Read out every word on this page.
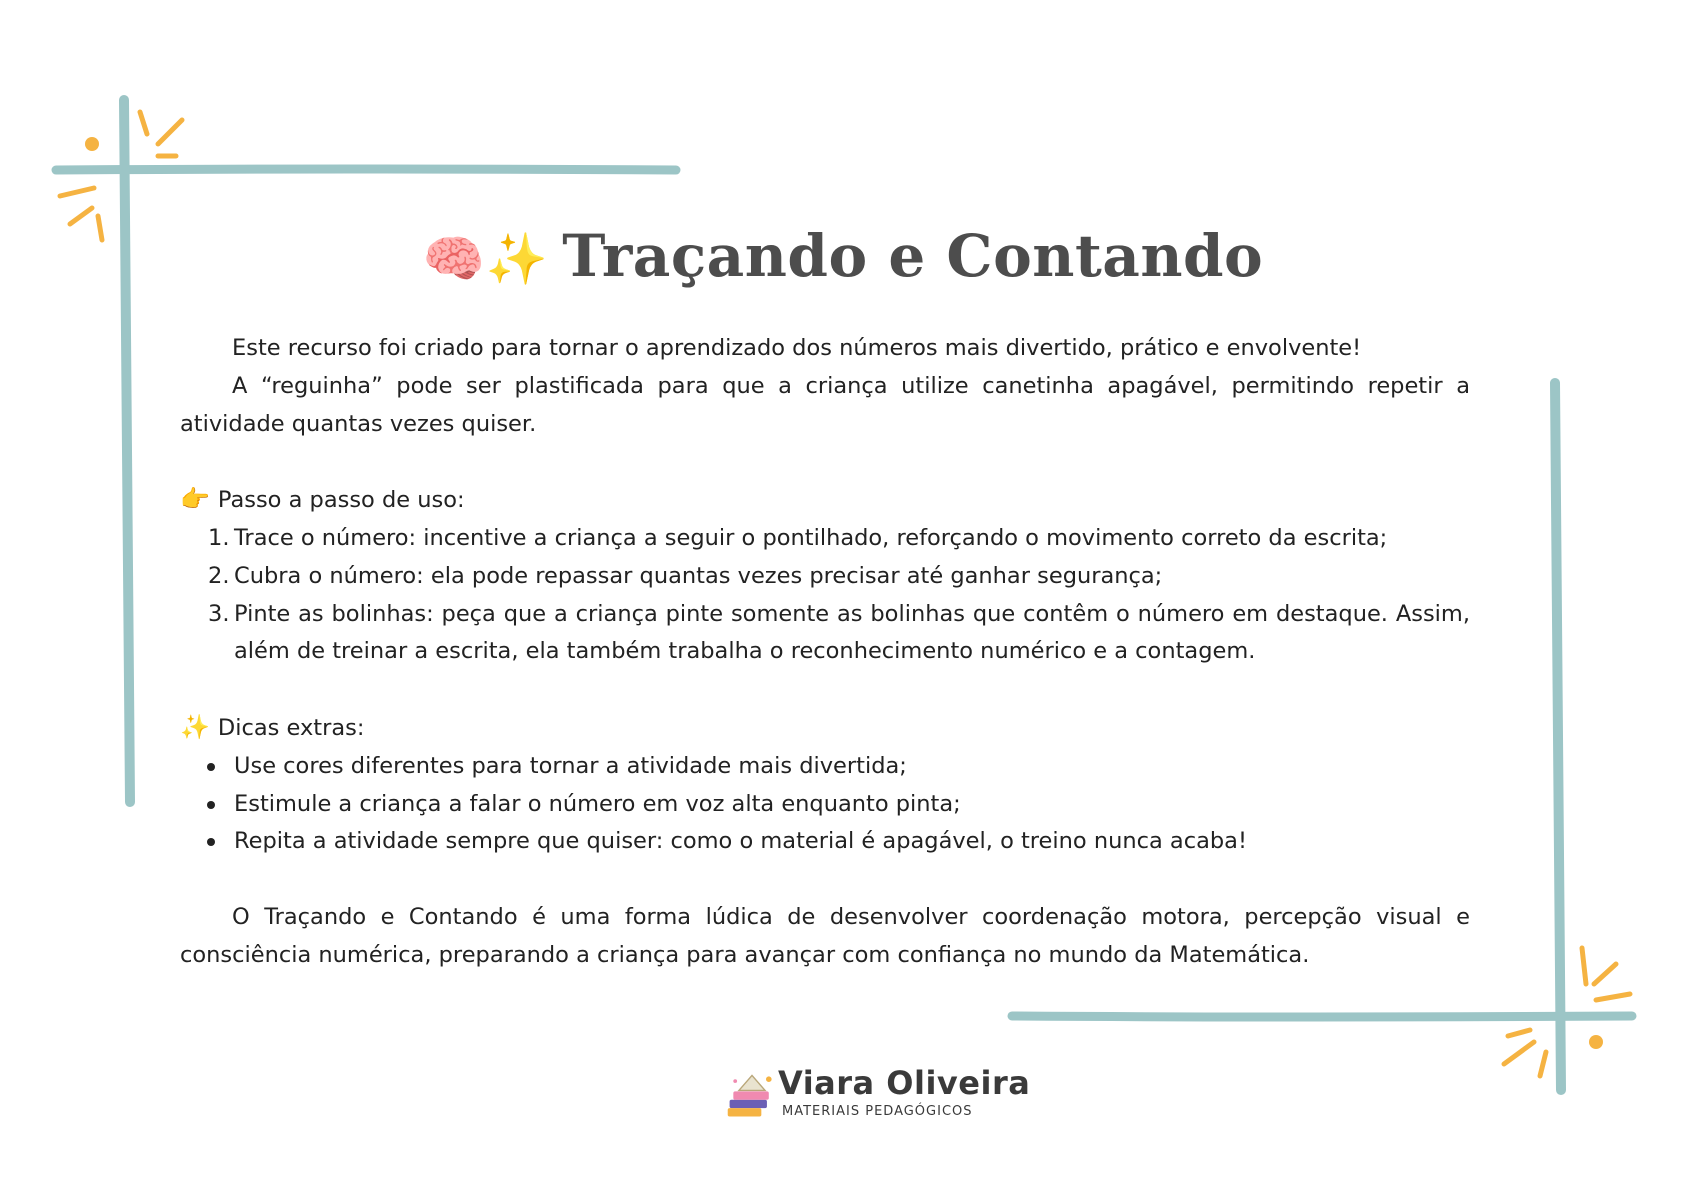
🧠✨ Traçando e Contando

Este recurso foi criado para tornar o aprendizado dos números mais divertido, prático e envolvente!

A “reguinha” pode ser plastificada para que a criança utilize canetinha apagável, permitindo repetir a atividade quantas vezes quiser.

👉 Passo a passo de uso:

1. Trace o número: incentive a criança a seguir o pontilhado, reforçando o movimento correto da escrita;
2. Cubra o número: ela pode repassar quantas vezes precisar até ganhar segurança;
3. Pinte as bolinhas: peça que a criança pinte somente as bolinhas que contêm o número em destaque. Assim, além de treinar a escrita, ela também trabalha o reconhecimento numérico e a contagem.

✨ Dicas extras:

Use cores diferentes para tornar a atividade mais divertida;
Estimule a criança a falar o número em voz alta enquanto pinta;
Repita a atividade sempre que quiser: como o material é apagável, o treino nunca acaba!

O Traçando e Contando é uma forma lúdica de desenvolver coordenação motora, percepção visual e consciência numérica, preparando a criança para avançar com confiança no mundo da Matemática.

Viara Oliveira
MATERIAIS PEDAGÓGICOS
